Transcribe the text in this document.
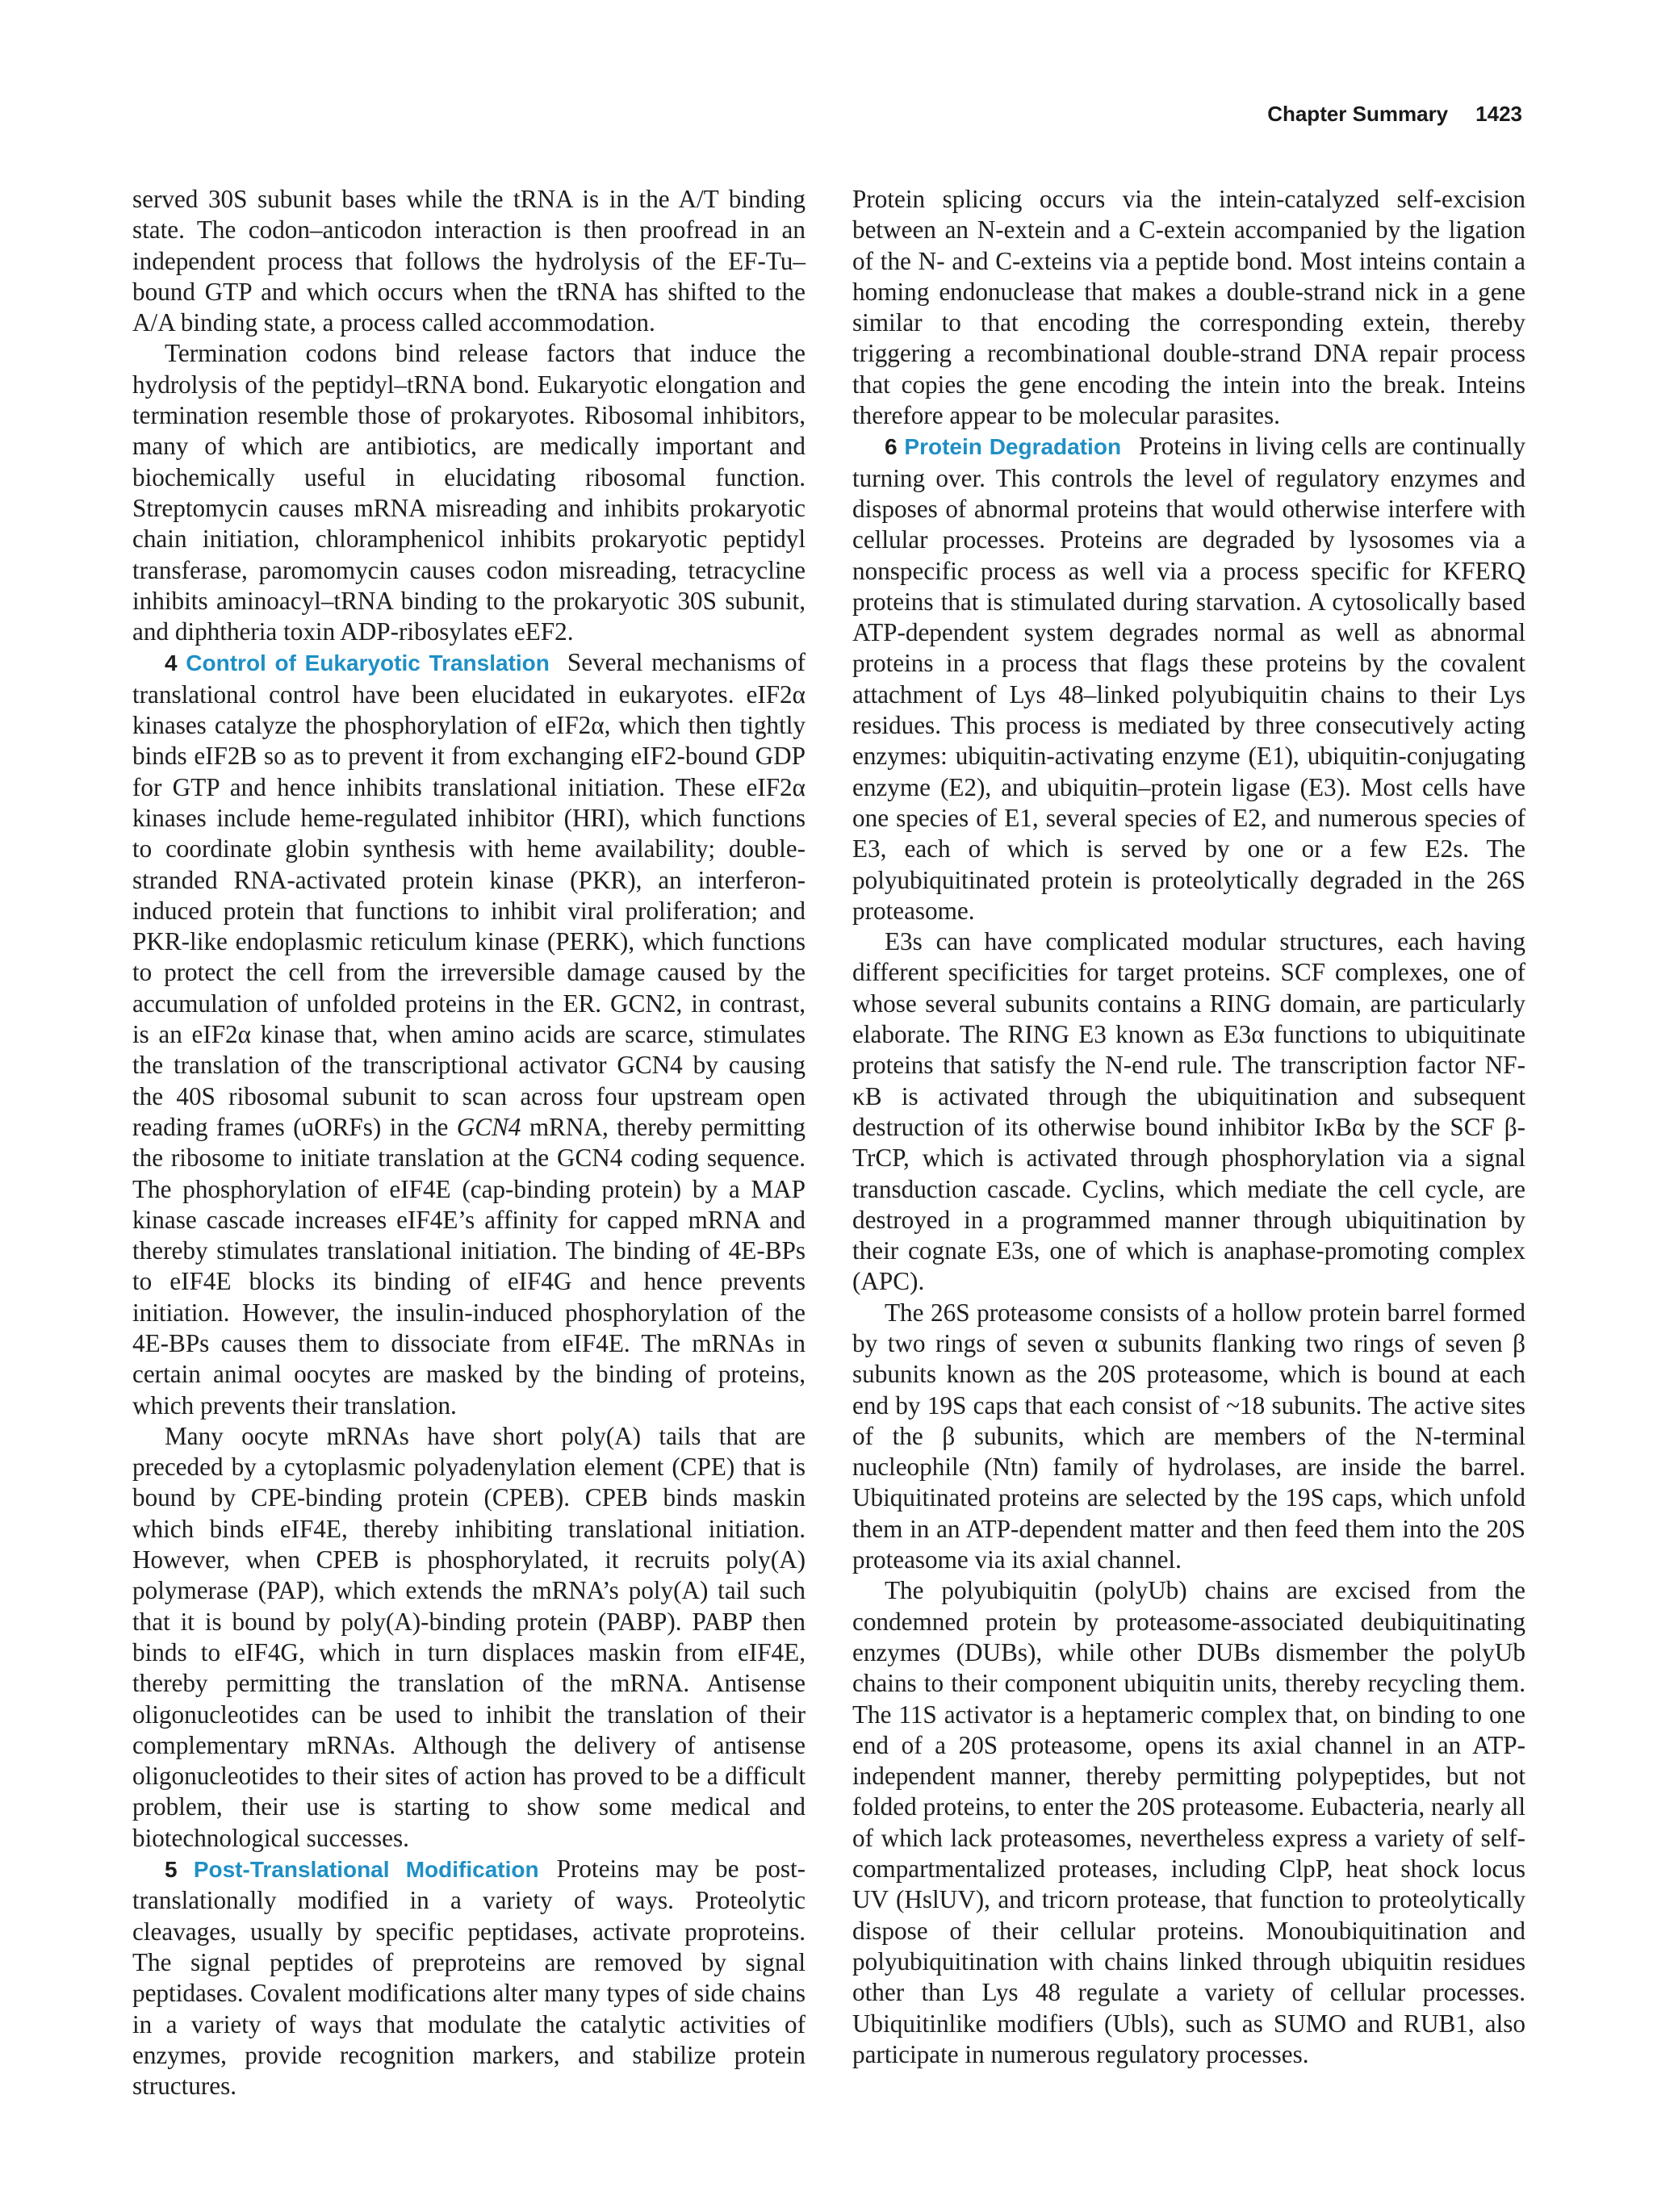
Chapter Summary 1423

served 30S subunit bases while the tRNA is in the A/T binding state. The codon–anticodon interaction is then proofread in an independent process that follows the hydrolysis of the EF-Tu–bound GTP and which occurs when the tRNA has shifted to the A/A binding state, a process called accommodation.

Termination codons bind release factors that induce the hydrolysis of the peptidyl–tRNA bond. Eukaryotic elongation and termination resemble those of prokaryotes. Ribosomal inhibitors, many of which are antibiotics, are medically important and biochemically useful in elucidating ribosomal function. Streptomycin causes mRNA misreading and inhibits prokaryotic chain initiation, chloramphenicol inhibits prokaryotic peptidyl transferase, paromomycin causes codon misreading, tetracycline inhibits aminoacyl–tRNA binding to the prokaryotic 30S subunit, and diphtheria toxin ADP-ribosylates eEF2.

4 Control of Eukaryotic Translation Several mechanisms of translational control have been elucidated in eukaryotes. eIF2α kinases catalyze the phosphorylation of eIF2α, which then tightly binds eIF2B so as to prevent it from exchanging eIF2-bound GDP for GTP and hence inhibits translational initiation. These eIF2α kinases include heme-regulated inhibitor (HRI), which functions to coordinate globin synthesis with heme availability; double-stranded RNA-activated protein kinase (PKR), an interferon-induced protein that functions to inhibit viral proliferation; and PKR-like endoplasmic reticulum kinase (PERK), which functions to protect the cell from the irreversible damage caused by the accumulation of unfolded proteins in the ER. GCN2, in contrast, is an eIF2α kinase that, when amino acids are scarce, stimulates the translation of the transcriptional activator GCN4 by causing the 40S ribosomal subunit to scan across four upstream open reading frames (uORFs) in the GCN4 mRNA, thereby permitting the ribosome to initiate translation at the GCN4 coding sequence. The phosphorylation of eIF4E (cap-binding protein) by a MAP kinase cascade increases eIF4E’s affinity for capped mRNA and thereby stimulates translational initiation. The binding of 4E-BPs to eIF4E blocks its binding of eIF4G and hence prevents initiation. However, the insulin-induced phosphorylation of the 4E-BPs causes them to dissociate from eIF4E. The mRNAs in certain animal oocytes are masked by the binding of proteins, which prevents their translation.

Many oocyte mRNAs have short poly(A) tails that are preceded by a cytoplasmic polyadenylation element (CPE) that is bound by CPE-binding protein (CPEB). CPEB binds maskin which binds eIF4E, thereby inhibiting translational initiation. However, when CPEB is phosphorylated, it recruits poly(A) polymerase (PAP), which extends the mRNA’s poly(A) tail such that it is bound by poly(A)-binding protein (PABP). PABP then binds to eIF4G, which in turn displaces maskin from eIF4E, thereby permitting the translation of the mRNA. Antisense oligonucleotides can be used to inhibit the translation of their complementary mRNAs. Although the delivery of antisense oligonucleotides to their sites of action has proved to be a difficult problem, their use is starting to show some medical and biotechnological successes.

5 Post-Translational Modification Proteins may be post-translationally modified in a variety of ways. Proteolytic cleavages, usually by specific peptidases, activate proproteins. The signal peptides of preproteins are removed by signal peptidases. Covalent modifications alter many types of side chains in a variety of ways that modulate the catalytic activities of enzymes, provide recognition markers, and stabilize protein structures.

Protein splicing occurs via the intein-catalyzed self-excision between an N-extein and a C-extein accompanied by the ligation of the N- and C-exteins via a peptide bond. Most inteins contain a homing endonuclease that makes a double-strand nick in a gene similar to that encoding the corresponding extein, thereby triggering a recombinational double-strand DNA repair process that copies the gene encoding the intein into the break. Inteins therefore appear to be molecular parasites.

6 Protein Degradation Proteins in living cells are continually turning over. This controls the level of regulatory enzymes and disposes of abnormal proteins that would otherwise interfere with cellular processes. Proteins are degraded by lysosomes via a nonspecific process as well via a process specific for KFERQ proteins that is stimulated during starvation. A cytosolically based ATP-dependent system degrades normal as well as abnormal proteins in a process that flags these proteins by the covalent attachment of Lys 48–linked polyubiquitin chains to their Lys residues. This process is mediated by three consecutively acting enzymes: ubiquitin-activating enzyme (E1), ubiquitin-conjugating enzyme (E2), and ubiquitin–protein ligase (E3). Most cells have one species of E1, several species of E2, and numerous species of E3, each of which is served by one or a few E2s. The polyubiquitinated protein is proteolytically degraded in the 26S proteasome.

E3s can have complicated modular structures, each having different specificities for target proteins. SCF complexes, one of whose several subunits contains a RING domain, are particularly elaborate. The RING E3 known as E3α functions to ubiquitinate proteins that satisfy the N-end rule. The transcription factor NF-κB is activated through the ubiquitination and subsequent destruction of its otherwise bound inhibitor IκBα by the SCF β-TrCP, which is activated through phosphorylation via a signal transduction cascade. Cyclins, which mediate the cell cycle, are destroyed in a programmed manner through ubiquitination by their cognate E3s, one of which is anaphase-promoting complex (APC).

The 26S proteasome consists of a hollow protein barrel formed by two rings of seven α subunits flanking two rings of seven β subunits known as the 20S proteasome, which is bound at each end by 19S caps that each consist of ~18 subunits. The active sites of the β subunits, which are members of the N-terminal nucleophile (Ntn) family of hydrolases, are inside the barrel. Ubiquitinated proteins are selected by the 19S caps, which unfold them in an ATP-dependent matter and then feed them into the 20S proteasome via its axial channel.

The polyubiquitin (polyUb) chains are excised from the condemned protein by proteasome-associated deubiquitinating enzymes (DUBs), while other DUBs dismember the polyUb chains to their component ubiquitin units, thereby recycling them. The 11S activator is a heptameric complex that, on binding to one end of a 20S proteasome, opens its axial channel in an ATP-independent manner, thereby permitting polypeptides, but not folded proteins, to enter the 20S proteasome. Eubacteria, nearly all of which lack proteasomes, nevertheless express a variety of self-compartmentalized proteases, including ClpP, heat shock locus UV (HslUV), and tricorn protease, that function to proteolytically dispose of their cellular proteins. Monoubiquitination and polyubiquitination with chains linked through ubiquitin residues other than Lys 48 regulate a variety of cellular processes. Ubiquitinlike modifiers (Ubls), such as SUMO and RUB1, also participate in numerous regulatory processes.
